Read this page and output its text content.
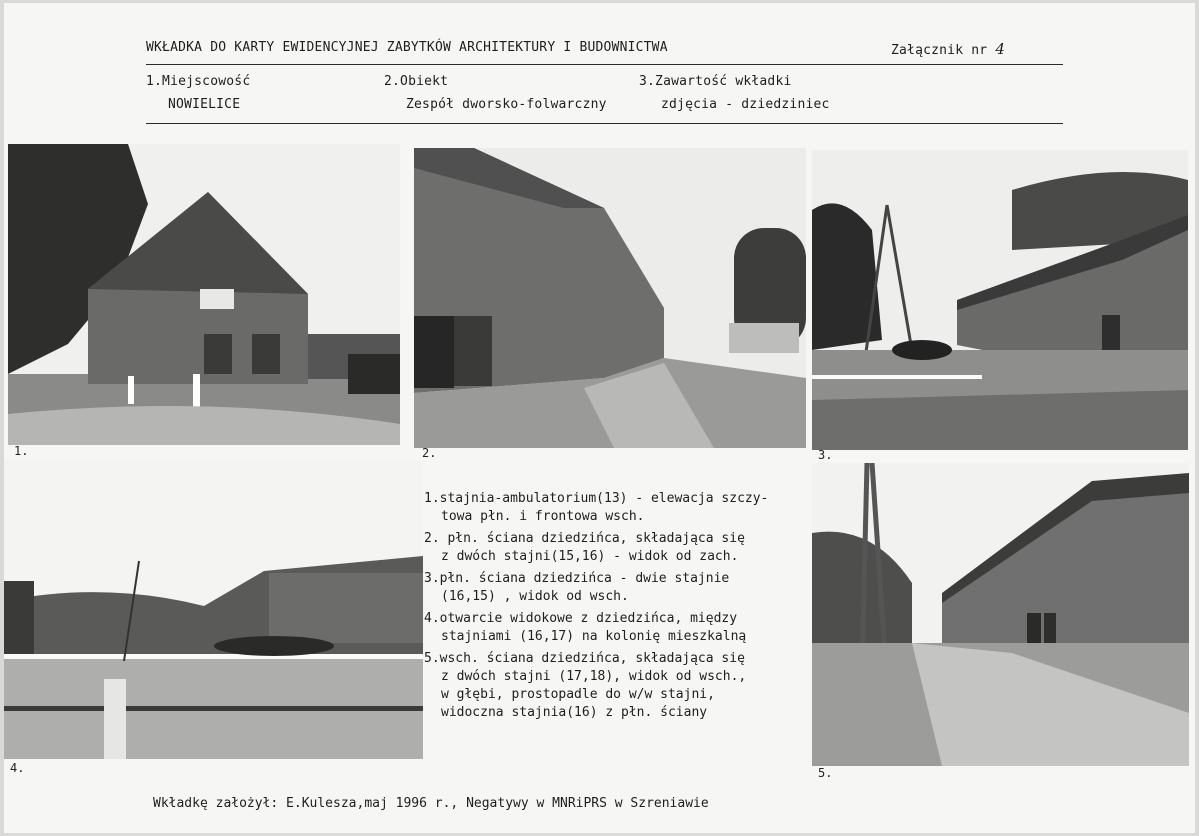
WKŁADKA DO KARTY EWIDENCYJNEJ ZABYTKÓW ARCHITEKTURY I BUDOWNICTWA	Załącznik nr 4
1.Miejscowość
NOWIELICE
2.Obiekt
Zespół dworsko-folwarczny
3.Zawartość wkładki
zdjęcia - dziedziniec
1.	2.	3.
4.	5.
1.stajnia-ambulatorium(13) - elewacja szczy-
towa płn. i frontowa wsch.
2. płn. ściana dziedzińca, składająca się
z dwóch stajni(15,16) - widok od zach.
3.płn. ściana dziedzińca - dwie stajnie
(16,15) , widok od wsch.
4.otwarcie widokowe z dziedzińca, między
stajniami (16,17) na kolonię mieszkalną
5.wsch. ściana dziedzińca, składająca się
z dwóch stajni (17,18), widok od wsch.,
w głębi, prostopadle do w/w stajni,
widoczna stajnia(16) z płn. ściany
Wkładkę założył: E.Kulesza,maj 1996 r., Negatywy w MNRiPRS w Szreniawie
